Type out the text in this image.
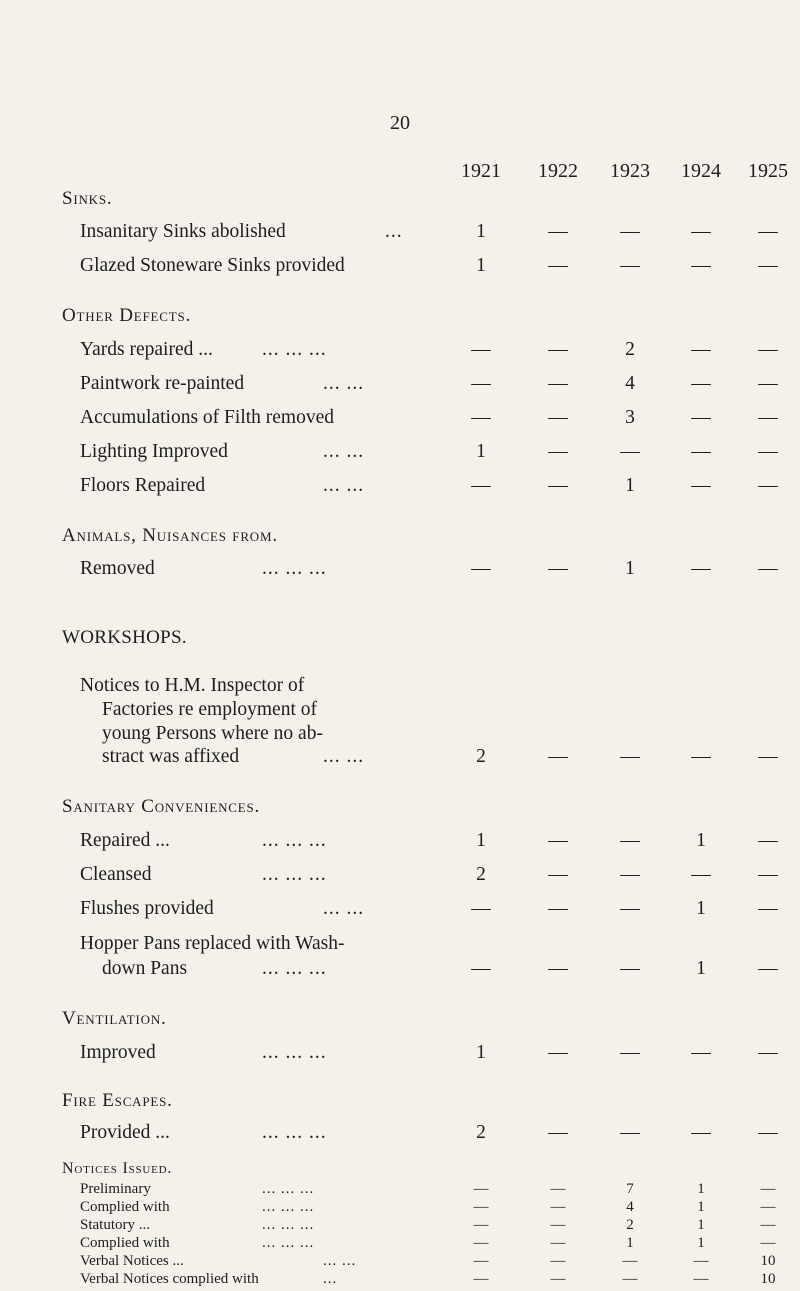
20
1921	1922	1923	1924	1925
Sinks.
Insanitary Sinks abolished	...	1	—	—	—	—
Glazed Stoneware Sinks provided	1	—	—	—	—
Other Defects.
Yards repaired ...	... ... ...	—	—	2	—	—
Paintwork re-painted	... ...	—	—	4	—	—
Accumulations of Filth removed	—	—	3	—	—
Lighting Improved	... ...	1	—	—	—	—
Floors Repaired	... ...	—	—	1	—	—
Animals, Nuisances from.
Removed	... ... ...	—	—	1	—	—
WORKSHOPS.
Notices to H.M. Inspector of
Factories re employment of
young Persons where no ab-
stract was affixed	... ...	2	—	—	—	—
Sanitary Conveniences.
Repaired ...	... ... ...	1	—	—	1	—
Cleansed	... ... ...	2	—	—	—	—
Flushes provided	... ...	—	—	—	1	—
Hopper Pans replaced with Wash-
down Pans	... ... ...	—	—	—	1	—
Ventilation.
Improved	... ... ...	1	—	—	—	—
Fire Escapes.
Provided ...	... ... ...	2	—	—	—	—
Notices Issued.
Preliminary	... ... ...	—	—	7	1	—
Complied with	... ... ...	—	—	4	1	—
Statutory ...	... ... ...	—	—	2	1	—
Complied with	... ... ...	—	—	1	1	—
Verbal Notices ...	... ...	—	—	—	—	10
Verbal Notices complied with	...	—	—	—	—	10
